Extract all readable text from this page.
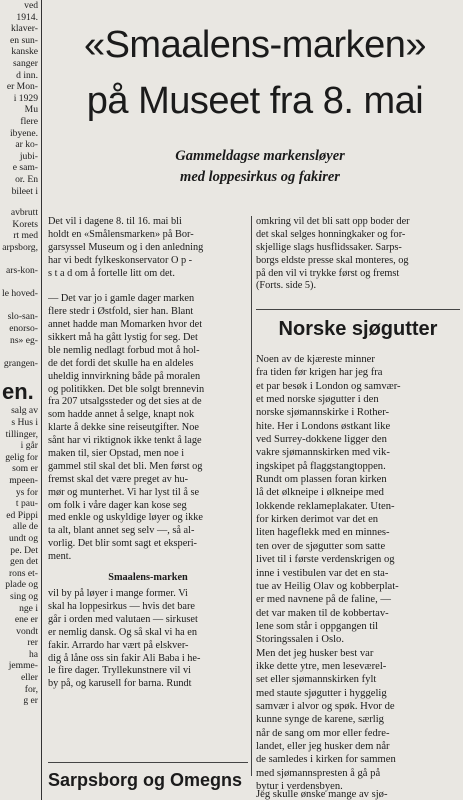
ved
1914.
klaver-
en sun-
kanske
sanger
d inn.
er Mon-
i 1929
Mu
flere
ibyene.
ar ko-
jubi-
e sam-
or. En
bileet i
avbrutt
Korets
rt med
arpsborg,
ars-kon-
le hoved-
slo-san-
enorso-
ns» eg-
grangen-
en.
salg av
s Hus i
tillinger,
i går
gelig for
som er
mpeen-
ys for
t pau-
ed Pippi
alle de
undt og
pe. Det
gen det
rons et-
plade og
sing og
nge i
ene er
vondt
rer
ha
jemme-
eller
for,
g er
«Smaalens-marken»
på Museet fra 8. mai
Gammeldagse markensløyer
med loppesirkus og fakirer
Det vil i dagene 8. til 16. mai bli
holdt en «Smålensmarken» på Bor-
garsyssel Museum og i den anledning
har vi bedt fylkeskonservator O p -
s t a d om å fortelle litt om det.
— Det var jo i gamle dager marken
flere stedr i Østfold, sier han. Blant
annet hadde man Momarken hvor det
sikkert må ha gått lystig for seg. Det
ble nemlig nedlagt forbud mot å hol-
de det fordi det skulle ha en aldeles
uheldig innvirkning både på moralen
og politikken. Det ble solgt brennevin
fra 207 utsalgssteder og det sies at de
som hadde annet å selge, knapt nok
klarte å dekke sine reiseutgifter. Noe
sånt har vi riktignok ikke tenkt å lage
maken til, sier Opstad, men noe i
gammel stil skal det bli. Men først og
fremst skal det være preget av hu-
mør og munterhet. Vi har lyst til å se
om folk i våre dager kan kose seg
med enkle og uskyldige løyer og ikke
ta alt, blant annet seg selv —, så al-
vorlig. Det blir somt sagt et eksperi-
ment.
Smaalens-marken
vil by på løyer i mange former. Vi
skal ha loppesirkus — hvis det bare
går i orden med valutaen — sirkuset
er nemlig dansk. Og så skal vi ha en
fakir. Arrardo har vært på elskver-
dig å låne oss sin fakir Ali Baba i he-
le fire dager. Tryllekunstnere vil vi
by på, og karusell for barna. Rundt
omkring vil det bli satt opp boder der
det skal selges honningkaker og for-
skjellige slags husflidssaker. Sarps-
borgs eldste presse skal monteres, og
på den vil vi trykke først og fremst
(Forts. side 5).
Norske sjøgutter
Noen av de kjæreste minner
fra tiden før krigen har jeg fra
et par besøk i London og samvær-
et med norske sjøgutter i den
norske sjømannskirke i Rother-
hite. Her i Londons østkant like
ved Surrey-dokkene ligger den
vakre sjømannskirken med vik-
ingskipet på flaggstangtoppen.
Rundt om plassen foran kirken
lå det ølkneipe i ølkneipe med
lokkende reklameplakater. Uten-
for kirken derimot var det en
liten hageflekk med en minnes-
ten over de sjøgutter som satte
livet til i første verdenskrigen og
inne i vestibulen var det en sta-
tue av Heilig Olav og kobberplat-
er med navnene på de faline, —
det var maken til de kobbertav-
lene som står i oppgangen til
Storingssalen i Oslo.
Men det jeg husker best var
ikke dette ytre, men leseværel-
set eller sjømannskirken fylt
med staute sjøgutter i hyggelig
samvær i alvor og spøk. Hvor de
kunne synge de karene, særlig
når de sang om mor eller fedre-
landet, eller jeg husker dem når
de samledes i kirken for sammen
med sjømannspresten å gå på
bytur i verdensbyen.
Jeg skulle ønske mange av sjø-
Sarpsborg og Omegns
